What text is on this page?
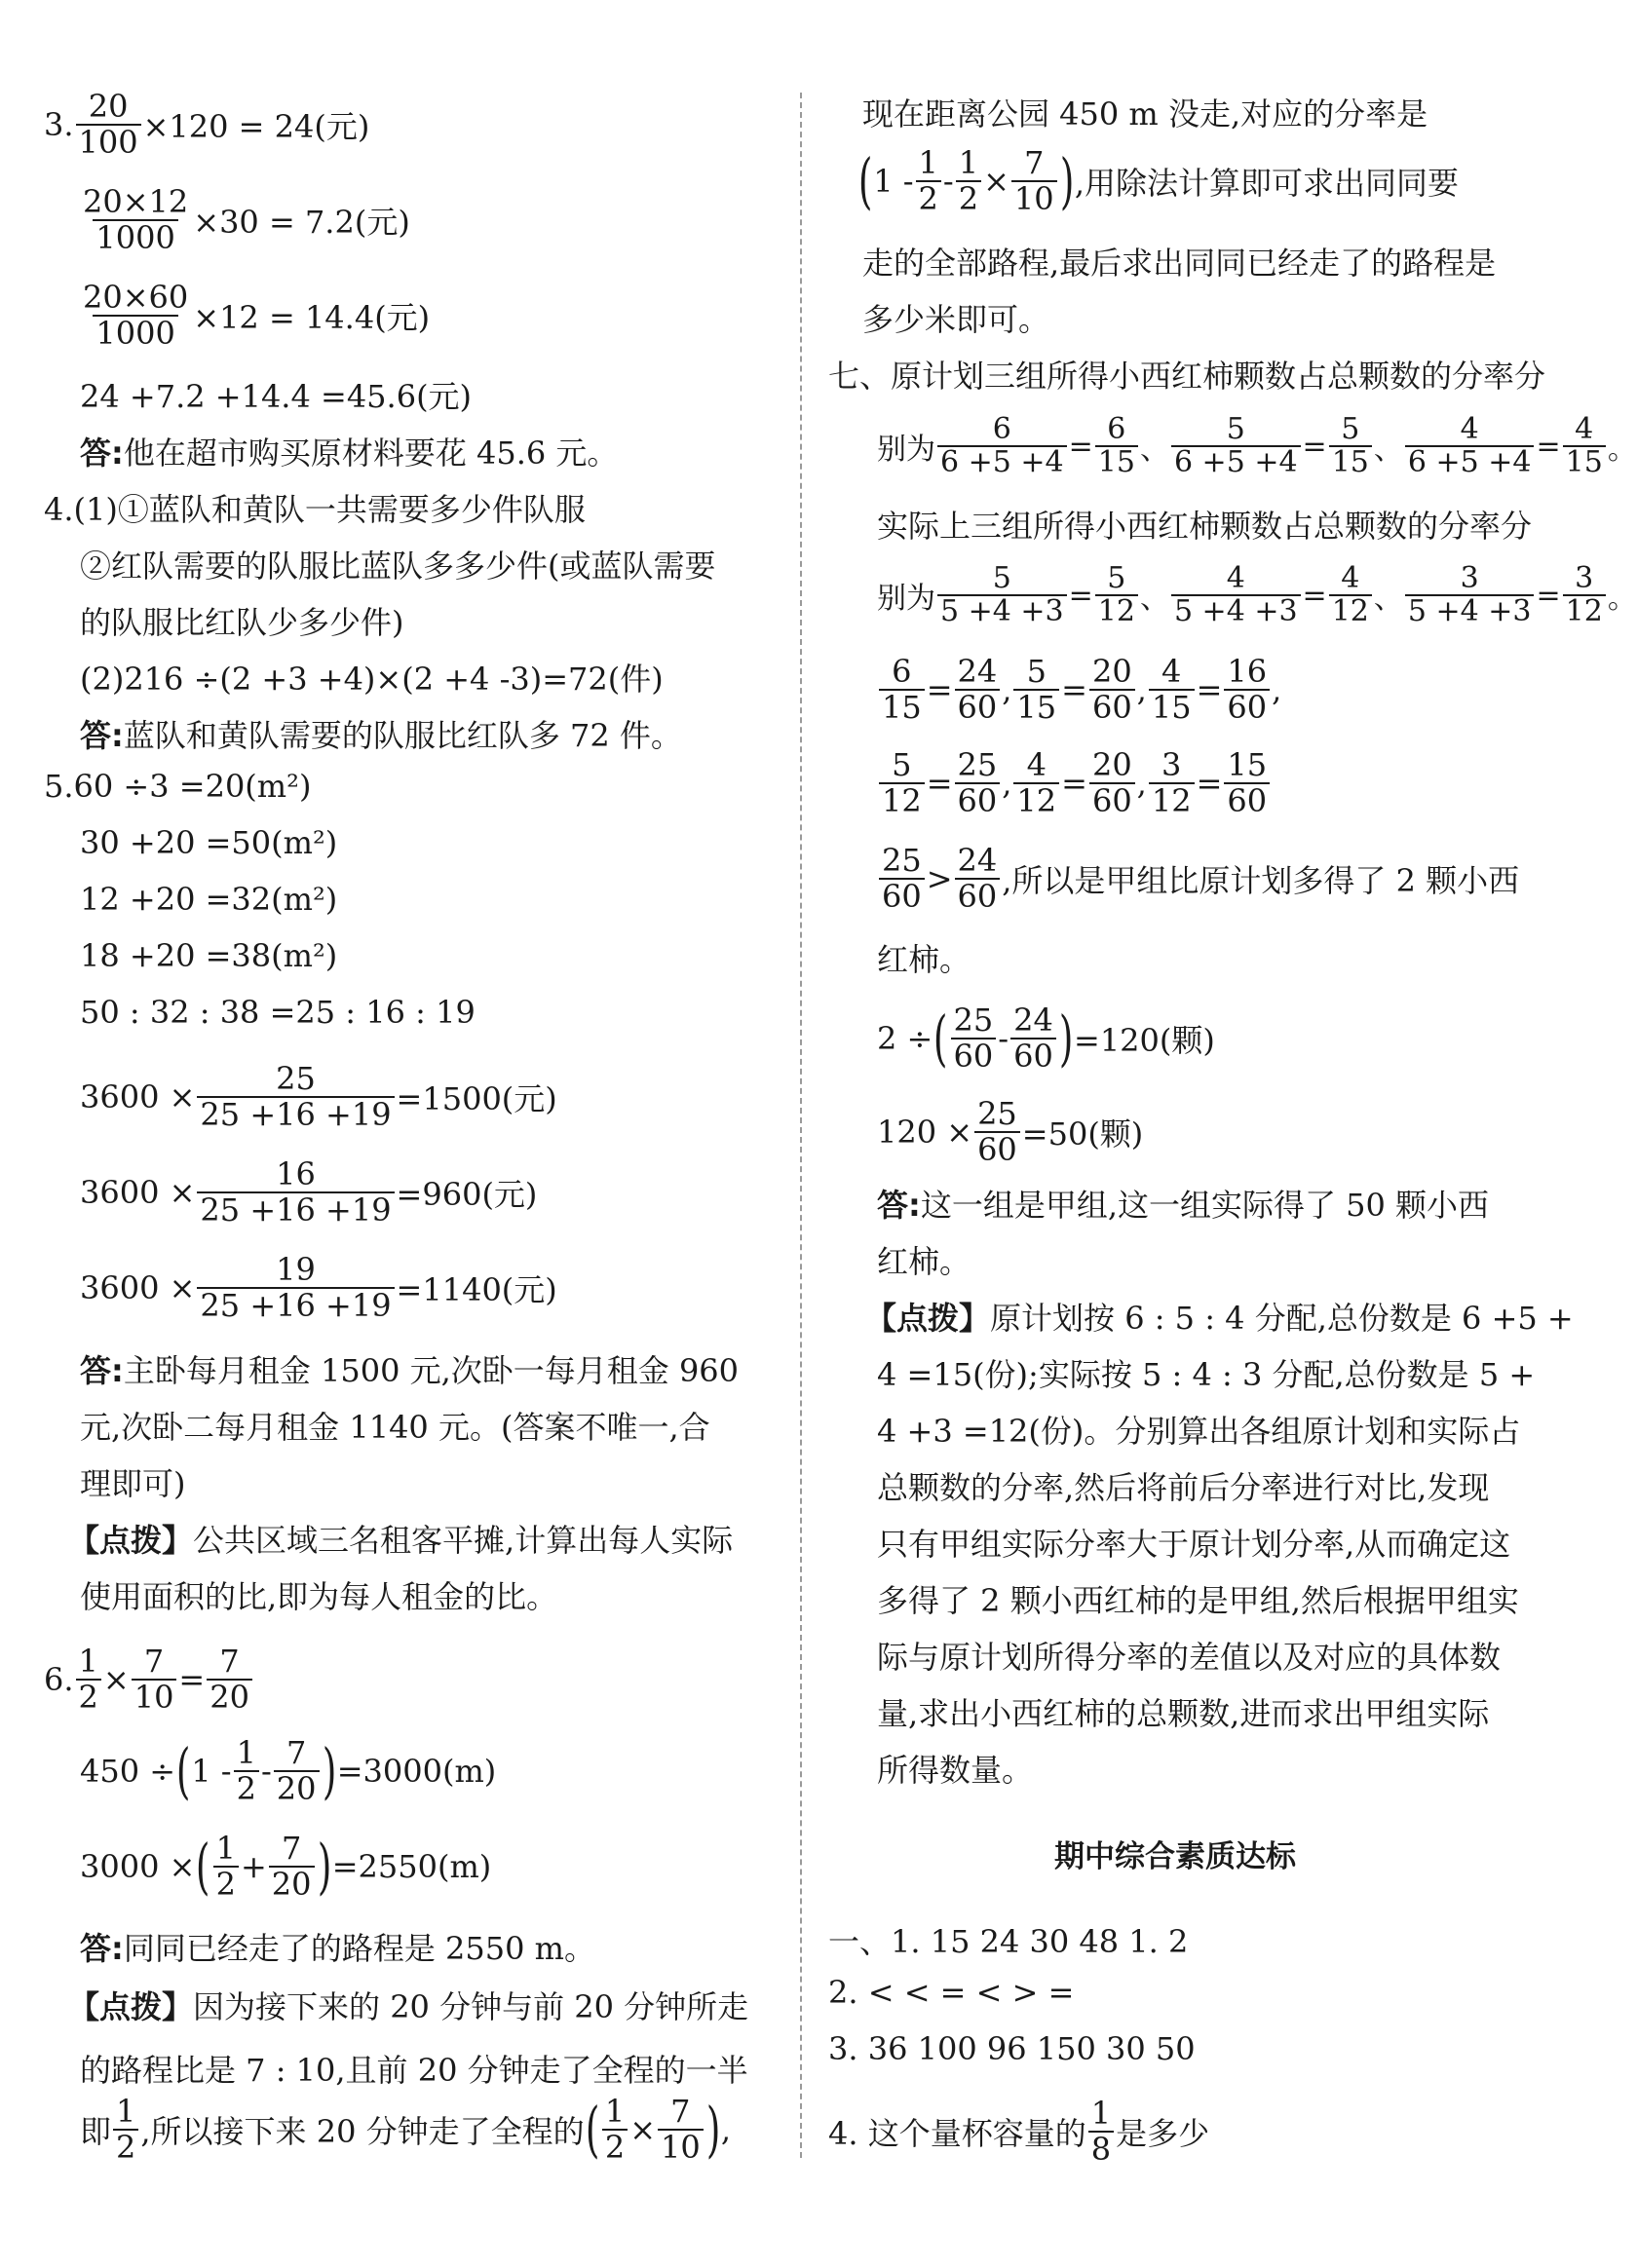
3. $\frac{20}{100} \times 120 = 24$(元)
$\frac{20\times 12}{1000} \times 30 = 7.2$(元)
$\frac{20\times 60}{1000} \times 12 = 14.4$(元)
24 +7.2 +14.4 =45.6(元)
答: 他在超市购买原材料要花 45.6 元。
4.(1)①蓝队和黄队一共需要多少件队服
②红队需要的队服比蓝队多多少件(或蓝队需要
的队服比红队少多少件)
(2)216 ÷(2 +3 +4)×(2 +4 -3)=72(件)
答: 蓝队和黄队需要的队服比红队多 72 件。
5.60 ÷3 =20(m²)
30 +20 =50(m²)
12 +20 =32(m²)
18 +20 =38(m²)
50 : 32 : 38 =25 : 16 : 19
$3600 \times \frac{25}{25 +16 +19} =1500$(元)
$3600 \times \frac{16}{25 +16 +19} =960$(元)
$3600 \times \frac{19}{25 +16 +19} =1140$(元)
答: 主卧每月租金 1500 元,次卧一每月租金 960
元,次卧二每月租金 1140 元。(答案不唯一,合
理即可)
【点拨】 公共区域三名租客平摊,计算出每人实际
使用面积的比,即为每人租金的比。
6. $\frac{1}{2} \times \frac{7}{10} = \frac{7}{20}$
450 ÷ ( 1 - 1
2 - 7
20 ) =3000(m)
3000 × ( 1
$2 + \frac{7}{20}$ ) =2550(m)
答: 同同已经走了的路程是 2550 m。
【点拨】 因为接下来的 20 分钟与前 20 分钟所走
的路程比是 7 : 10,且前 20 分钟走了全程的一半
即
1
2 ,所以接下来 20 分钟走了全程的 ( $\frac{1}{2} \times \frac{7}{10}$ ) ,
现在距离公园 450 m 没走,对应的分率是
( 1 - 1
$2 - \frac{1}{2} \times \frac{7}{10}$ ) ,用除法计算即可求出同同要
走的全部路程,最后求出同同已经走了的路程是
多少米即可。
七、原计划三组所得小西红柿颗数占总颗数的分率分
别为 $\frac{6}{6 +5 +4} = \frac{6}{15}$ 、 $\frac{5}{6 +5 +4} = \frac{5}{15}$ 、 $\frac{4}{6 +5 +4} = \frac{4}{15}$ 。
实际上三组所得小西红柿颗数占总颗数的分率分
别为 $\frac{5}{5 +4 +3} = \frac{5}{12}$ 、 $\frac{4}{5 +4 +3} = \frac{4}{12}$ 、 $\frac{3}{5 +4 +3} = \frac{3}{12}$ 。
$\frac{6}{15} = \frac{24}{60}$ , $\frac{5}{15} = \frac{20}{60}$ , $\frac{4}{15} = \frac{16}{60}$ ,
$\frac{5}{12} = \frac{25}{60}$ , $\frac{4}{12} = \frac{20}{60}$ , $\frac{3}{12} = \frac{15}{60}$
25
60 > 24
60 ,所以是甲组比原计划多得了 2 颗小西
红柿。
2 ÷ ( 25
60 - 24
60 ) =120(颗)
$120 \times \frac{25}{60} =50$(颗)
答: 这一组是甲组,这一组实际得了 50 颗小西
红柿。
【点拨】 原计划按 6 : 5 : 4 分配,总份数是 6 +5 +
4 =15(份);实际按 5 : 4 : 3 分配,总份数是 5 +
4 +3 =12(份)。分别算出各组原计划和实际占
总颗数的分率,然后将前后分率进行对比,发现
只有甲组实际分率大于原计划分率,从而确定这
多得了 2 颗小西红柿的是甲组,然后根据甲组实
际与原计划所得分率的差值以及对应的具体数
量,求出小西红柿的总颗数,进而求出甲组实际
所得数量。
期中综合素质达标
一、1. 15 24 30 48 1. 2
2. < < = < > =
3. 36 100 96 150 30 50
4. 这个量杯容量的
1
8 是多少
